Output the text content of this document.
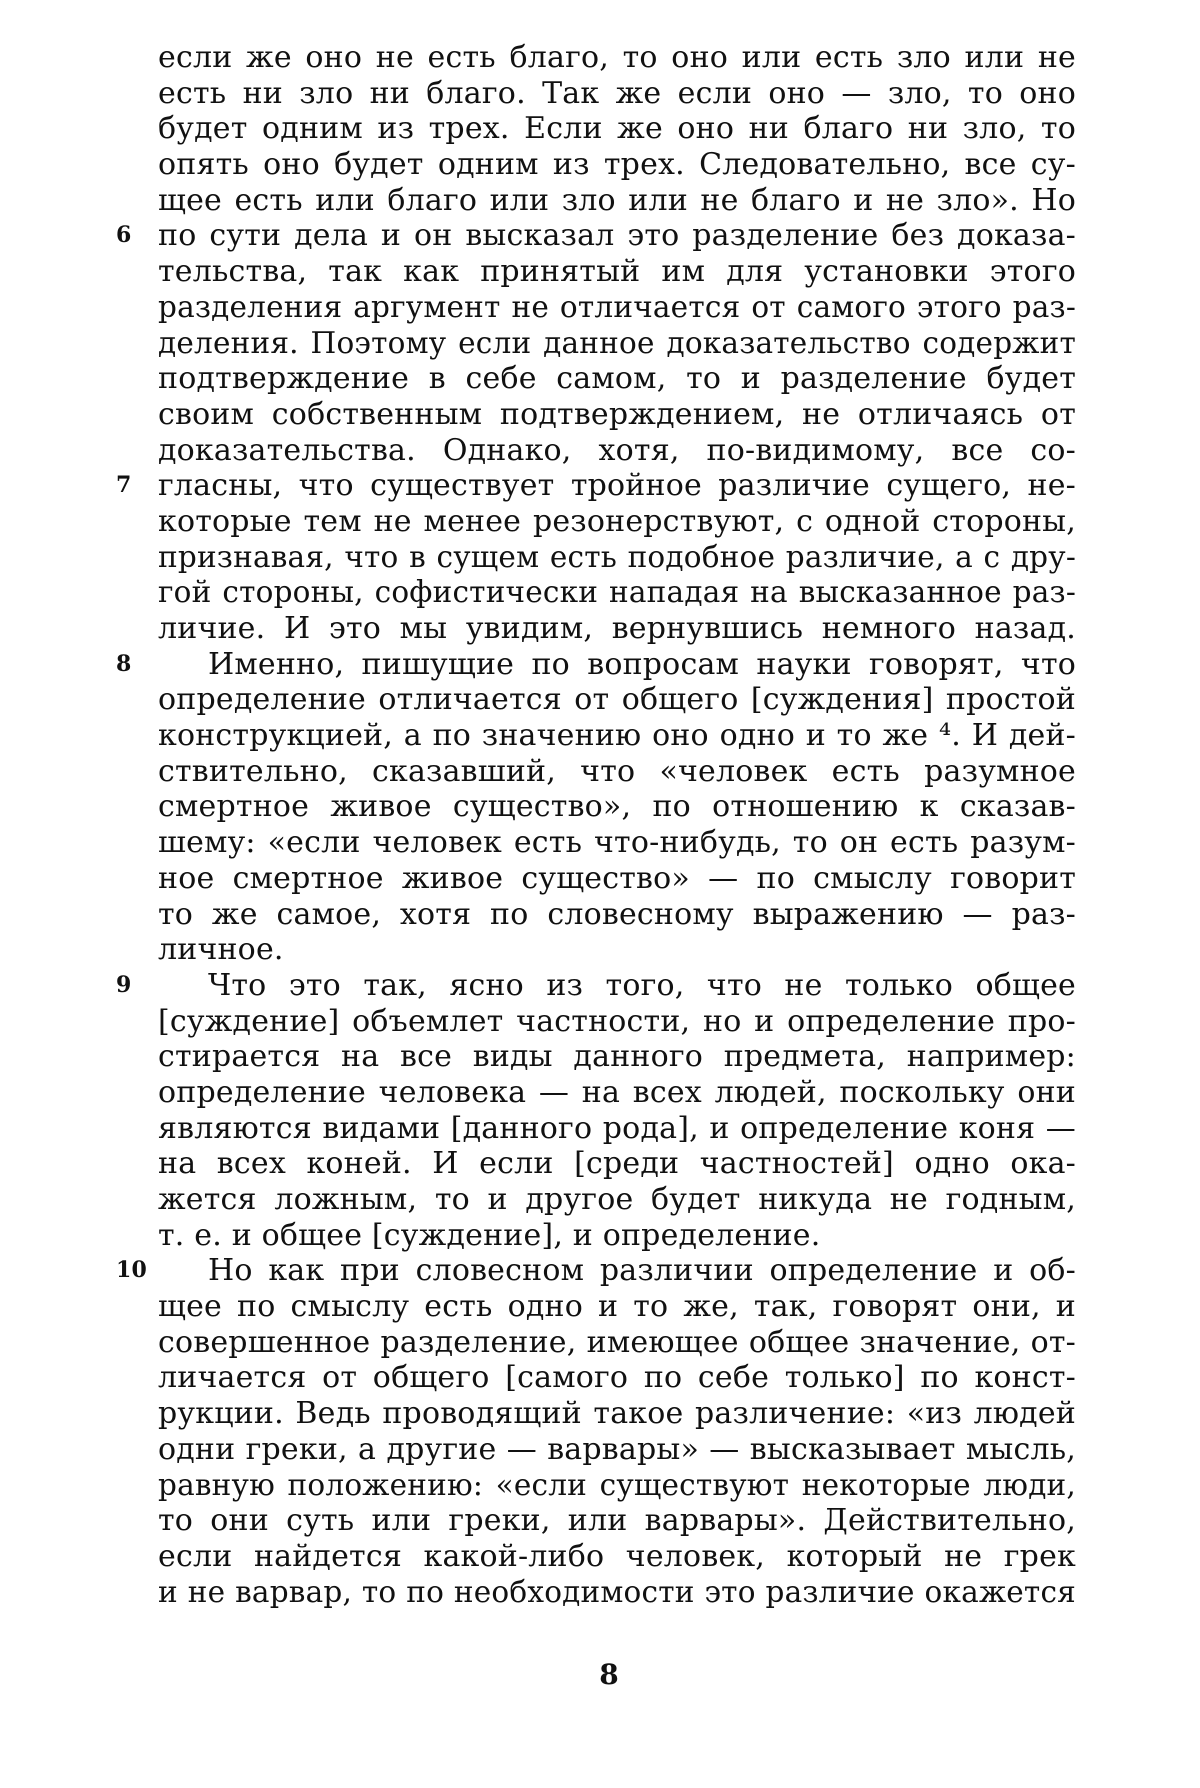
если же оно не есть благо, то оно или есть зло или не
есть ни зло ни благо. Так же если оно — зло, то оно
будет одним из трех. Если же оно ни благо ни зло, то
опять оно будет одним из трех. Следовательно, все су-
щее есть или благо или зло или не благо и не зло». Но
6 по сути дела и он высказал это разделение без доказа-
тельства, так как принятый им для установки этого
разделения аргумент не отличается от самого этого раз-
деления. Поэтому если данное доказательство содержит
подтверждение в себе самом, то и разделение будет
своим собственным подтверждением, не отличаясь от
доказательства. Однако, хотя, по-видимому, все со-
7 гласны, что существует тройное различие сущего, не-
которые тем не менее резонерствуют, с одной стороны,
признавая, что в сущем есть подобное различие, а с дру-
гой стороны, софистически нападая на высказанное раз-
личие. И это мы увидим, вернувшись немного назад.
8	Именно, пишущие по вопросам науки говорят, что
определение отличается от общего [суждения] простой
конструкцией, а по значению оно одно и то же ⁴. И дей-
ствительно, сказавший, что «человек есть разумное
смертное живое существо», по отношению к сказав-
шему: «если человек есть что-нибудь, то он есть разум-
ное смертное живое существо» — по смыслу говорит
то же самое, хотя по словесному выражению — раз-
личное.
9	Что это так, ясно из того, что не только общее
[суждение] объемлет частности, но и определение про-
стирается на все виды данного предмета, например:
определение человека — на всех людей, поскольку они
являются видами [данного рода], и определение коня —
на всех коней. И если [среди частностей] одно ока-
жется ложным, то и другое будет никуда не годным,
т. е. и общее [суждение], и определение.
10 Но как при словесном различии определение и об-
щее по смыслу есть одно и то же, так, говорят они, и
совершенное разделение, имеющее общее значение, от-
личается от общего [самого по себе только] по конст-
рукции. Ведь проводящий такое различение: «из людей
одни греки, а другие — варвары» — высказывает мысль,
равную положению: «если существуют некоторые люди,
то они суть или греки, или варвары». Действительно,
если найдется какой-либо человек, который не грек
и не варвар, то по необходимости это различие окажется
8
